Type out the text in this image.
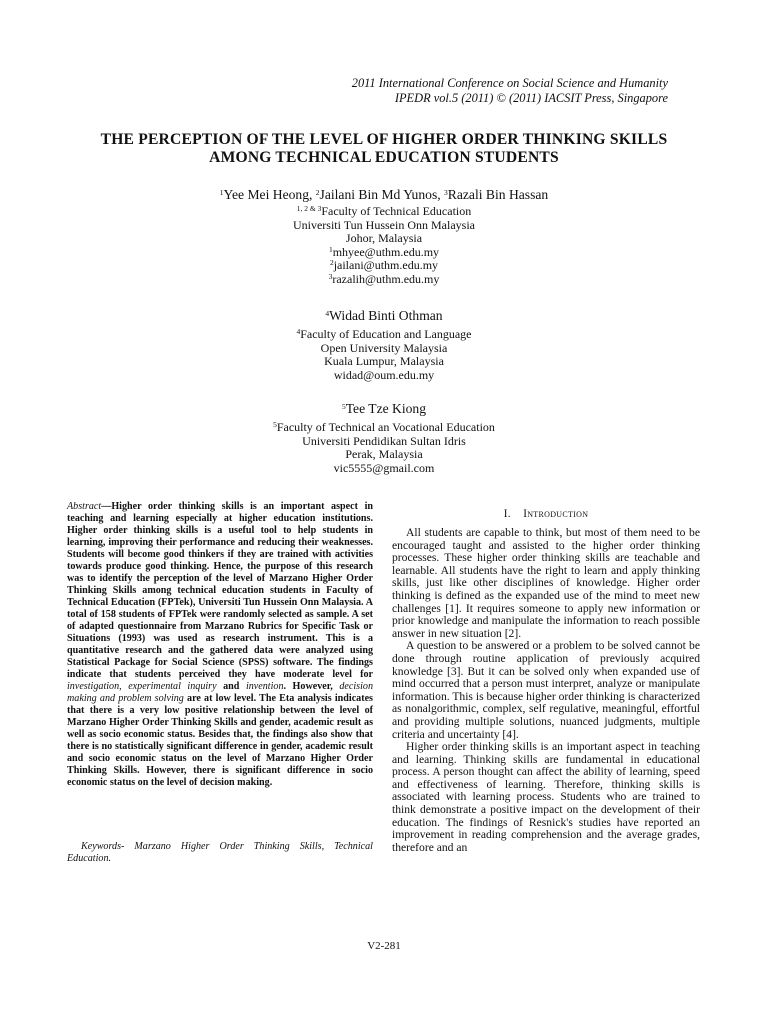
2011 International Conference on Social Science and Humanity
IPEDR vol.5 (2011) © (2011) IACSIT Press, Singapore
THE PERCEPTION OF THE LEVEL OF HIGHER ORDER THINKING SKILLS
AMONG TECHNICAL EDUCATION STUDENTS
$^1$Yee Mei Heong, $^2$Jailani Bin Md Yunos, $^3$Razali Bin Hassan
$^{1, 2 \& 3}$Faculty of Technical Education
Universiti Tun Hussein Onn Malaysia
Johor, Malaysia
$^1$mhyee@uthm.edu.my
$^2$jailani@uthm.edu.my
$^3$razalih@uthm.edu.my
$^4$Widad Binti Othman
$^4$Faculty of Education and Language
Open University Malaysia
Kuala Lumpur, Malaysia
widad@oum.edu.my
$^5$Tee Tze Kiong
$^5$Faculty of Technical an Vocational Education
Universiti Pendidikan Sultan Idris
Perak, Malaysia
vic5555@gmail.com
Abstract—Higher order thinking skills is an important aspect in teaching and learning especially at higher education institutions. Higher order thinking skills is a useful tool to help students in learning, improving their performance and reducing their weaknesses. Students will become good thinkers if they are trained with activities towards produce good thinking. Hence, the purpose of this research was to identify the perception of the level of Marzano Higher Order Thinking Skills among technical education students in Faculty of Technical Education (FPTek), Universiti Tun Hussein Onn Malaysia. A total of 158 students of FPTek were randomly selected as sample. A set of adapted questionnaire from Marzano Rubrics for Specific Task or Situations (1993) was used as research instrument. This is a quantitative research and the gathered data were analyzed using Statistical Package for Social Science (SPSS) software. The findings indicate that students perceived they have moderate level for investigation, experimental inquiry and invention. However, decision making and problem solving are at low level. The Eta analysis indicates that there is a very low positive relationship between the level of Marzano Higher Order Thinking Skills and gender, academic result as well as socio economic status. Besides that, the findings also show that there is no statistically significant difference in gender, academic result and socio economic status on the level of Marzano Higher Order Thinking Skills. However, there is significant difference in socio economic status on the level of decision making.
Keywords- Marzano Higher Order Thinking Skills, Technical Education.
I. Introduction

All students are capable to think, but most of them need to be encouraged taught and assisted to the higher order thinking processes. These higher order thinking skills are teachable and learnable. All students have the right to learn and apply thinking skills, just like other disciplines of knowledge. Higher order thinking is defined as the expanded use of the mind to meet new challenges [1]. It requires someone to apply new information or prior knowledge and manipulate the information to reach possible answer in new situation [2].

A question to be answered or a problem to be solved cannot be done through routine application of previously acquired knowledge [3]. But it can be solved only when expanded use of mind occurred that a person must interpret, analyze or manipulate information. This is because higher order thinking is characterized as nonalgorithmic, complex, self regulative, meaningful, effortful and providing multiple solutions, nuanced judgments, multiple criteria and uncertainty [4].

Higher order thinking skills is an important aspect in teaching and learning. Thinking skills are fundamental in educational process. A person thought can affect the ability of learning, speed and effectiveness of learning. Therefore, thinking skills is associated with learning process. Students who are trained to think demonstrate a positive impact on the development of their education. The findings of Resnick's studies have reported an improvement in reading comprehension and the average grades, therefore and an

V2-281
